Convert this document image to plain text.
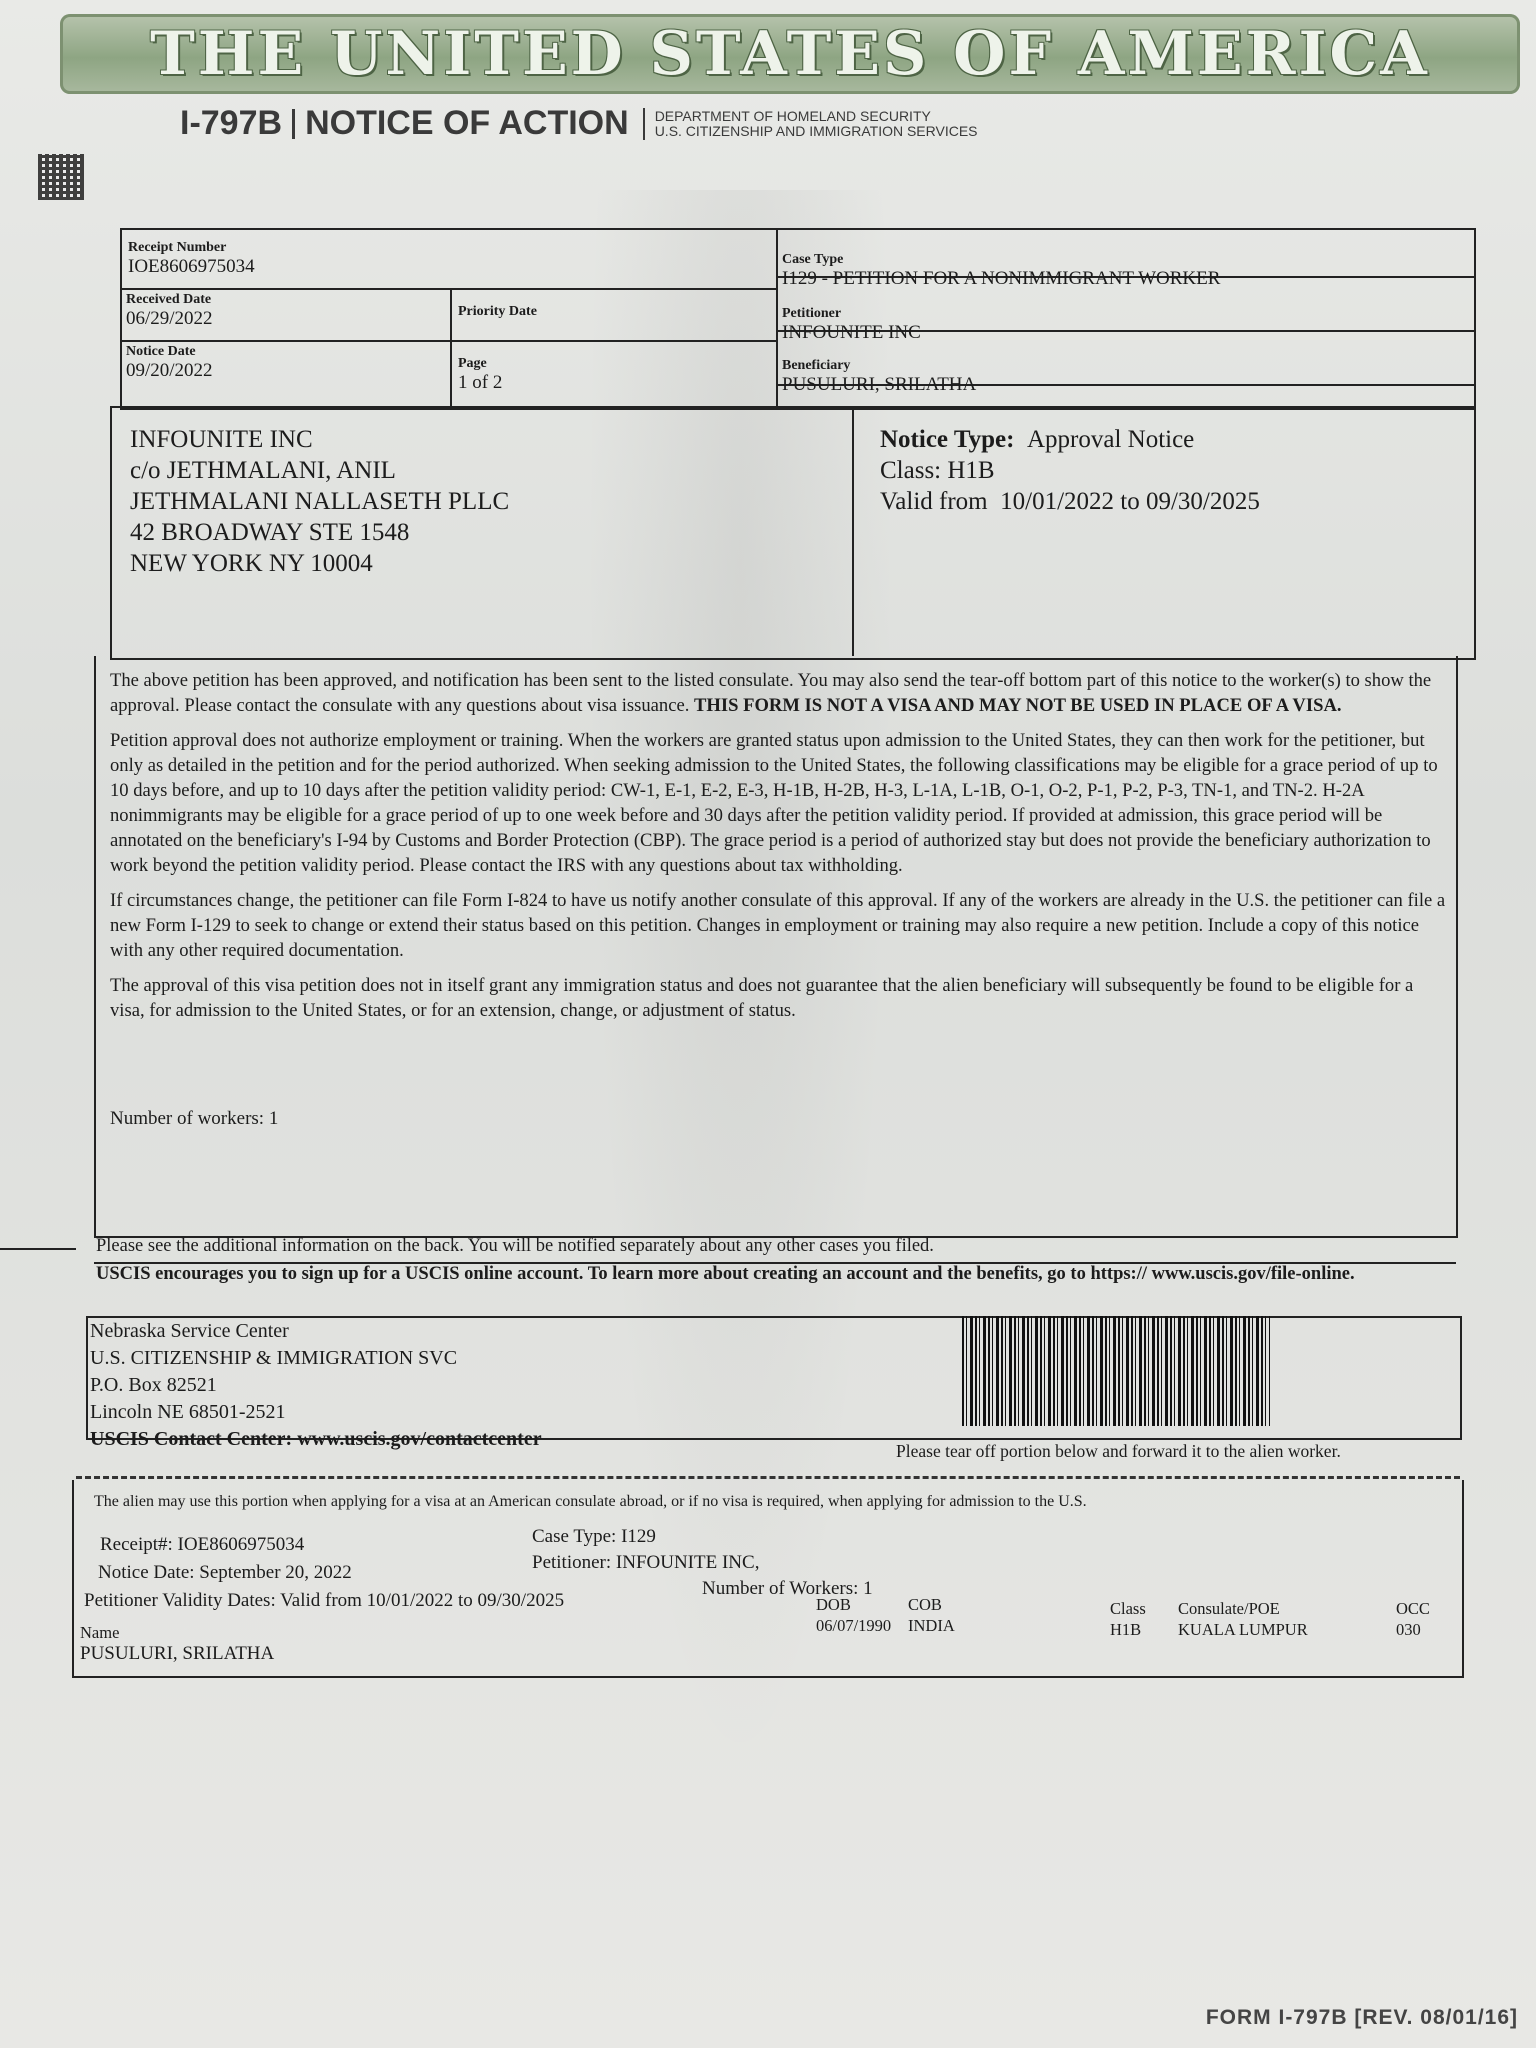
THE UNITED STATES OF AMERICA
I-797B NOTICE OF ACTION DEPARTMENT OF HOMELAND SECURITY
U.S. CITIZENSHIP AND IMMIGRATION SERVICES
Receipt Number
IOE8606975034
Received Date
06/29/2022	Priority Date
Notice Date
09/20/2022	Page
1 of 2
Case Type
I129 - PETITION FOR A NONIMMIGRANT WORKER
Petitioner
INFOUNITE INC
Beneficiary
PUSULURI, SRILATHA
INFOUNITE INC
c/o JETHMALANI, ANIL
JETHMALANI NALLASETH PLLC
42 BROADWAY STE 1548
NEW YORK NY 10004
Notice Type: Approval Notice
Class: H1B
Valid from 10/01/2022 to 09/30/2025

The above petition has been approved, and notification has been sent to the listed consulate. You may also send the tear-off bottom part of this notice to the worker(s) to show the approval. Please contact the consulate with any questions about visa issuance. THIS FORM IS NOT A VISA AND MAY NOT BE USED IN PLACE OF A VISA.

Petition approval does not authorize employment or training. When the workers are granted status upon admission to the United States, they can then work for the petitioner, but only as detailed in the petition and for the period authorized. When seeking admission to the United States, the following classifications may be eligible for a grace period of up to 10 days before, and up to 10 days after the petition validity period: CW-1, E-1, E-2, E-3, H-1B, H-2B, H-3, L-1A, L-1B, O-1, O-2, P-1, P-2, P-3, TN-1, and TN-2. H-2A nonimmigrants may be eligible for a grace period of up to one week before and 30 days after the petition validity period. If provided at admission, this grace period will be annotated on the beneficiary's I-94 by Customs and Border Protection (CBP). The grace period is a period of authorized stay but does not provide the beneficiary authorization to work beyond the petition validity period. Please contact the IRS with any questions about tax withholding.

If circumstances change, the petitioner can file Form I-824 to have us notify another consulate of this approval. If any of the workers are already in the U.S. the petitioner can file a new Form I-129 to seek to change or extend their status based on this petition. Changes in employment or training may also require a new petition. Include a copy of this notice with any other required documentation.

The approval of this visa petition does not in itself grant any immigration status and does not guarantee that the alien beneficiary will subsequently be found to be eligible for a visa, for admission to the United States, or for an extension, change, or adjustment of status.

Number of workers: 1
Please see the additional information on the back. You will be notified separately about any other cases you filed.
USCIS encourages you to sign up for a USCIS online account. To learn more about creating an account and the benefits, go to https:// www.uscis.gov/file-online.
Nebraska Service Center
U.S. CITIZENSHIP & IMMIGRATION SVC
P.O. Box 82521
Lincoln NE 68501-2521
USCIS Contact Center: www.uscis.gov/contactcenter
Please tear off portion below and forward it to the alien worker.
The alien may use this portion when applying for a visa at an American consulate abroad, or if no visa is required, when applying for admission to the U.S.
Receipt#: IOE8606975034
Notice Date: September 20, 2022
Petitioner Validity Dates: Valid from 10/01/2022 to 09/30/2025
Case Type: I129
Petitioner: INFOUNITE INC,
Number of Workers: 1
Name
PUSULURI, SRILATHA
DOB
06/07/1990
COB
INDIA
Class
H1B
Consulate/POE
KUALA LUMPUR
OCC
030
FORM I-797B [REV. 08/01/16]
